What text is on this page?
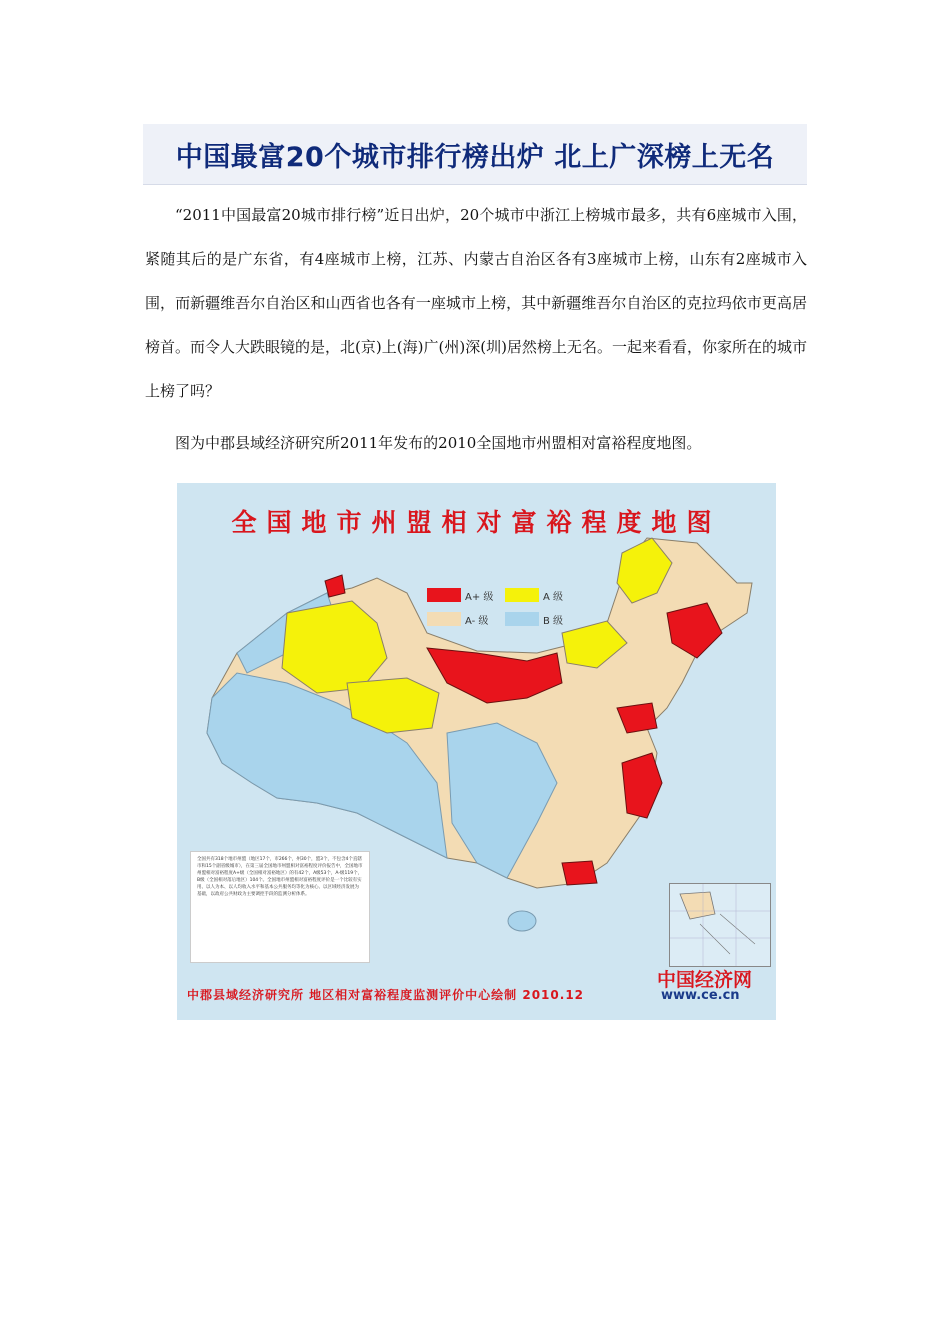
中国最富20个城市排行榜出炉 北上广深榜上无名

“2011中国最富20城市排行榜”近日出炉，20个城市中浙江上榜城市最多，共有6座城市入围，紧随其后的是广东省，有4座城市上榜，江苏、内蒙古自治区各有3座城市上榜，山东有2座城市入围，而新疆维吾尔自治区和山西省也各有一座城市上榜，其中新疆维吾尔自治区的克拉玛依市更高居榜首。而令人大跌眼镜的是，北(京)上(海)广(州)深(圳)居然榜上无名。一起来看看，你家所在的城市上榜了吗？

图为中郡县域经济研究所2011年发布的2010全国地市州盟相对富裕程度地图。

全国地市州盟相对富裕程度地图
A+ 级	A 级
A- 级	B 级
全国共有318个地市州盟（地区17个，市266个，州30个，盟3个，不包含4个直辖市和15个副省级城市），在第三届全国地市州盟相对富裕程度评价报告中，全国地市州盟相对富裕程度A+级（全国相对富裕地区）的有42个，A级53个，A-级119个，B级（全国相对落后地区）104个。全国地市州盟相对富裕程度评价是一个比较有实用、以人为本、以人均收入水平和基本公共服务均等化为核心、以区域经济发展为基础，以政府公共财政为主要调控手段的监测分析体系。
中郡县域经济研究所 地区相对富裕程度监测评价中心绘制 2010.12
中国经济网
www.ce.cn
